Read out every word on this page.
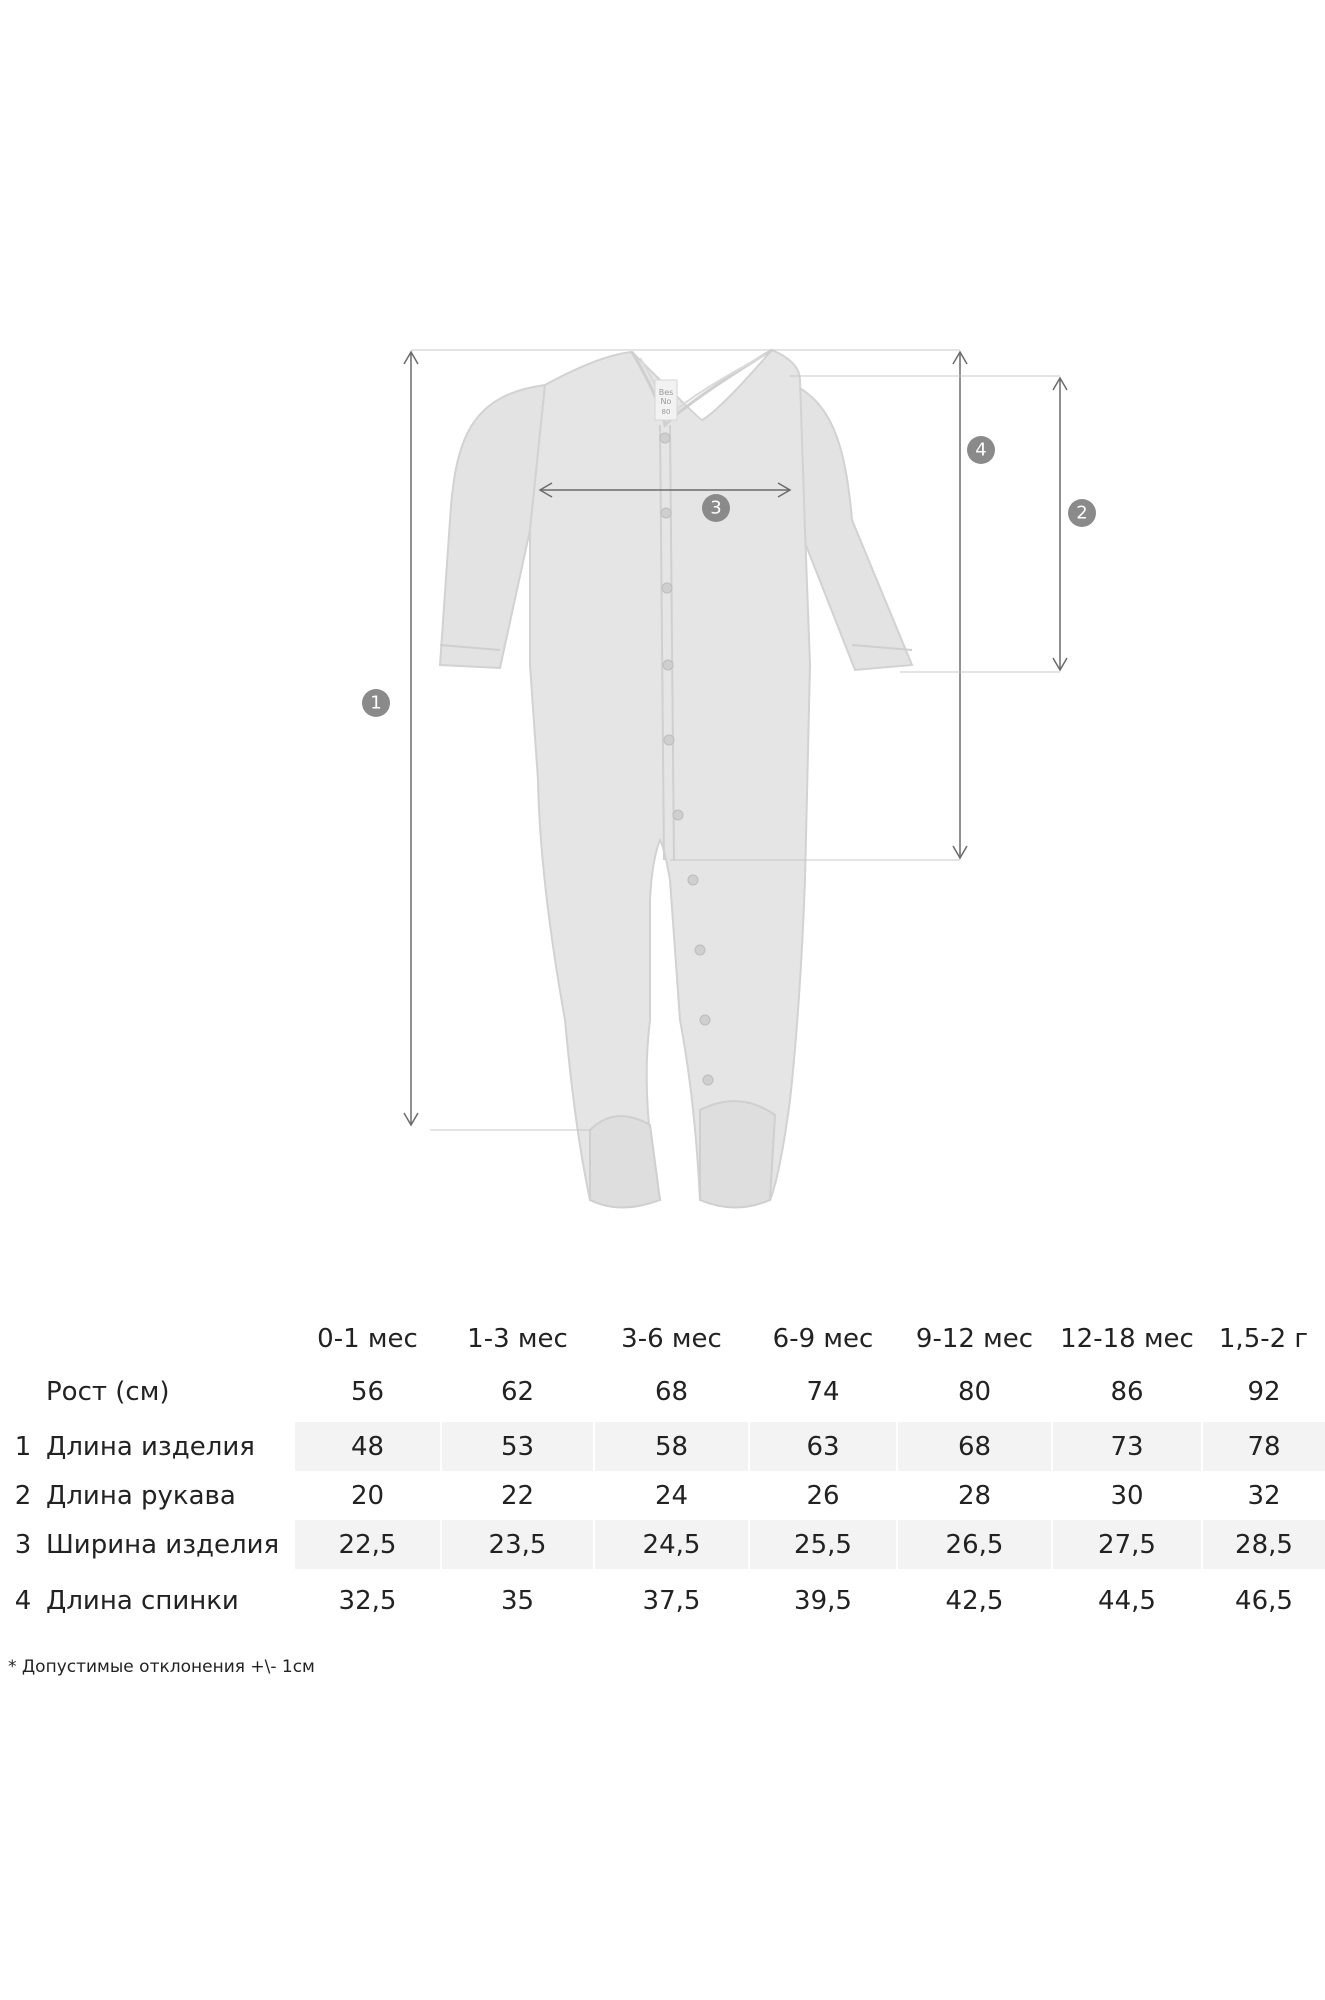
Bes
No
80
1
2
3
4
		0-1 мес	1-3 мес	3-6 мес	6-9 мес	9-12 мес	12-18 мес	1,5-2 г
	Рост (см)	56	62	68	74	80	86	92
1	Длина изделия	48	53	58	63	68	73	78
2	Длина рукава	20	22	24	26	28	30	32
3	Ширина изделия	22,5	23,5	24,5	25,5	26,5	27,5	28,5
4	Длина спинки	32,5	35	37,5	39,5	42,5	44,5	46,5
* Допустимые отклонения +\- 1см
